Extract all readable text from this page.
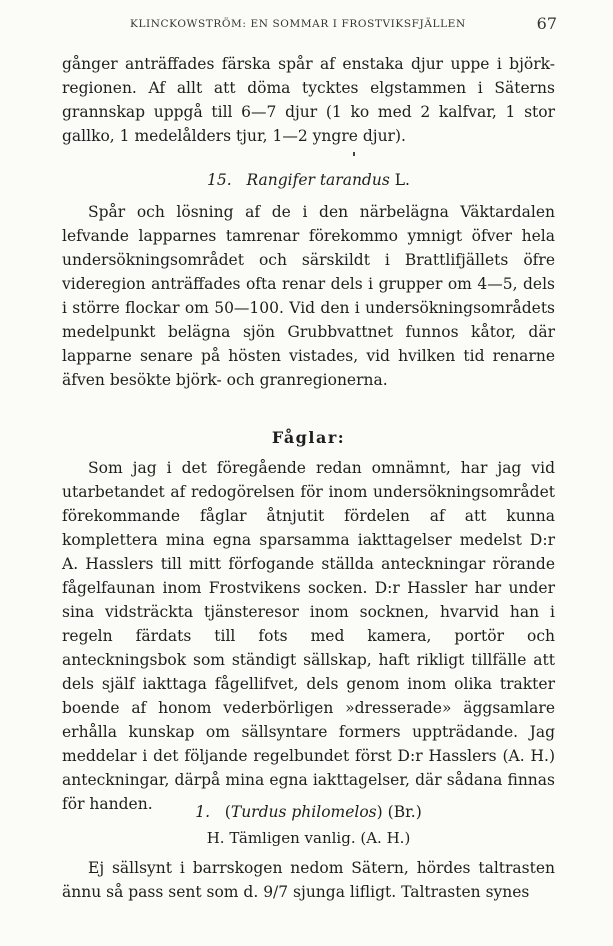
KLINCKOWSTRÖM: EN SOMMAR I FROSTVIKSFJÄLLEN	67

gånger anträffades färska spår af enstaka djur uppe i björk-regionen. Af allt att döma tycktes elgstammen i Säterns grannskap uppgå till 6—7 djur (1 ko med 2 kalfvar, 1 stor gallko, 1 medelålders tjur, 1—2 yngre djur).

15. Rangifer tarandus L.

Spår och lösning af de i den närbelägna Väktardalen lefvande lapparnes tamrenar förekommo ymnigt öfver hela undersökningsområdet och särskildt i Brattlifjällets öfre videregion anträffades ofta renar dels i grupper om 4—5, dels i större flockar om 50—100. Vid den i undersökningsområdets medelpunkt belägna sjön Grubbvattnet funnos kåtor, där lapparne senare på hösten vistades, vid hvilken tid renarne äfven besökte björk- och granregionerna.

Fåglar:

Som jag i det föregående redan omnämnt, har jag vid utarbetandet af redogörelsen för inom undersökningsområdet förekommande fåglar åtnjutit fördelen af att kunna komplettera mina egna sparsamma iakttagelser medelst D:r A. Hasslers till mitt förfogande ställda anteckningar rörande fågelfaunan inom Frostvikens socken. D:r Hassler har under sina vidsträckta tjänsteresor inom socknen, hvarvid han i regeln färdats till fots med kamera, portör och anteckningsbok som ständigt sällskap, haft rikligt tillfälle att dels själf iakttaga fågellifvet, dels genom inom olika trakter boende af honom vederbörligen »dresserade» äggsamlare erhålla kunskap om sällsyntare formers uppträdande. Jag meddelar i det följande regelbundet först D:r Hasslers (A. H.) anteckningar, därpå mina egna iakttagelser, där sådana finnas för handen.	1. (Turdus philomelos) (Br.)
H. Tämligen vanlig. (A. H.)

Ej sällsynt i barrskogen nedom Sätern, hördes taltrasten ännu så pass sent som d. 9/7 sjunga lifligt. Taltrasten synes
